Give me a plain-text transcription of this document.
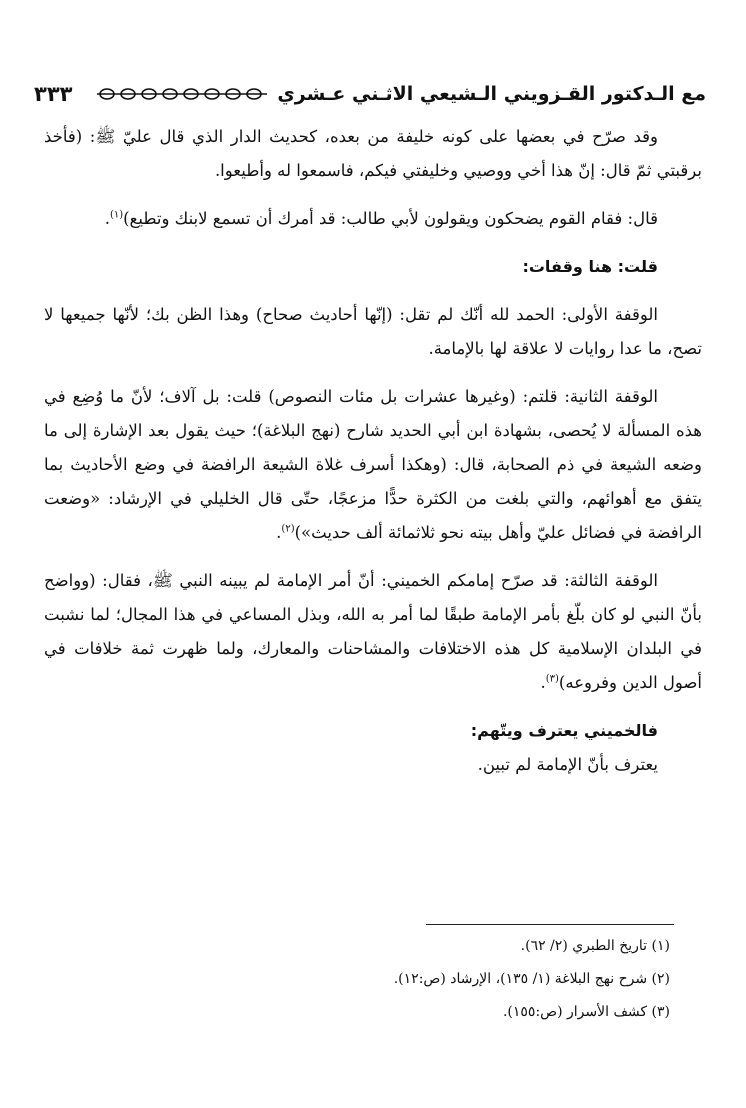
مع الـدكتور القـزويني الـشيعي الاثـني عـشري
٣٣٣

وقد صرّح في بعضها على كونه خليفة من بعده، كحديث الدار الذي قال عليّ ﷺ: (فأخذ برقبتي ثمّ قال: إنّ هذا أخي ووصيي وخليفتي فيكم، فاسمعوا له وأطيعوا.

قال: فقام القوم يضحكون ويقولون لأبي طالب: قد أمرك أن تسمع لابنك وتطيع)$^{(١)}$.

قلت: هنا وقفات:

الوقفة الأولى: الحمد لله أنّك لم تقل: (إنّها أحاديث صحاح) وهذا الظن بك؛ لأنّها جميعها لا تصح، ما عدا روايات لا علاقة لها بالإمامة.

الوقفة الثانية: قلتم: (وغيرها عشرات بل مئات النصوص) قلت: بل آلاف؛ لأنّ ما وُضِع في هذه المسألة لا يُحصى، بشهادة ابن أبي الحديد شارح (نهج البلاغة)؛ حيث يقول بعد الإشارة إلى ما وضعه الشيعة في ذم الصحابة، قال: (وهكذا أسرف غلاة الشيعة الرافضة في وضع الأحاديث بما يتفق مع أهوائهم، والتي بلغت من الكثرة حدًّا مزعجًا، حتّى قال الخليلي في الإرشاد: «وضعت الرافضة في فضائل عليّ وأهل بيته نحو ثلاثمائة ألف حديث»)$^{(٢)}$.

الوقفة الثالثة: قد صرّح إمامكم الخميني: أنّ أمر الإمامة لم يبينه النبي ﷺ، فقال: (وواضح بأنّ النبي لو كان بلّغ بأمر الإمامة طبقًا لما أمر به الله، وبذل المساعي في هذا المجال؛ لما نشبت في البلدان الإسلامية كل هذه الاختلافات والمشاحنات والمعارك، ولما ظهرت ثمة خلافات في أصول الدين وفروعه)$^{(٣)}$.

فالخميني يعترف ويتّهم:

يعترف بأنّ الإمامة لم تبين.

(١) تاريخ الطبري (٢/ ٦٢).
(٢) شرح نهج البلاغة (١/ ١٣٥)، الإرشاد (ص:١٢).
(٣) كشف الأسرار (ص:١٥٥).
